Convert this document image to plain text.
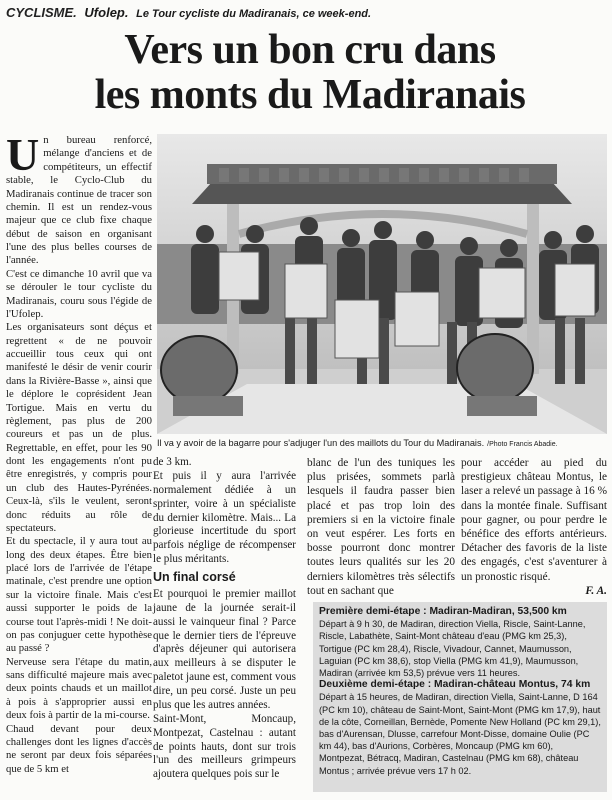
CYCLISME. Ufolep. Le Tour cycliste du Madiranais, ce week-end.
Vers un bon cru dans
les monts du Madiranais

Un bureau renforcé, mélange d'anciens et de compétiteurs, un effectif stable, le Cyclo-Club du Madiranais continue de tracer son chemin. Il est un rendez-vous majeur que ce club fixe chaque début de saison en organisant l'une des plus belles courses de l'année.

C'est ce dimanche 10 avril que va se dérouler le tour cycliste du Madiranais, couru sous l'égide de l'Ufolep.

Les organisateurs sont déçus et regrettent « de ne pouvoir accueillir tous ceux qui ont manifesté le désir de venir courir dans la Rivière-Basse », ainsi que le déplore le coprésident Jean Tortigue. Mais en vertu du règlement, pas plus de 200 coureurs et pas un de plus. Regrettable, en effet, pour les 90 dont les engagements n'ont pu être enregistrés, y compris pour un club des Hautes-Pyrénées. Ceux-là, s'ils le veulent, seront donc réduits au rôle de spectateurs.

Il va y avoir de la bagarre pour s'adjuger l'un des maillots du Tour du Madiranais. /Photo Francis Abadie.

Et du spectacle, il y aura tout au long des deux étapes. Être bien placé lors de l'arrivée de l'étape matinale, c'est prendre une option sur la victoire finale. Mais c'est aussi supporter le poids de la course tout l'après-midi ! Ne doit-on pas conjuguer cette hypothèse au passé ?

Nerveuse sera l'étape du matin, sans difficulté majeure mais avec deux points chauds et un maillot à pois à s'approprier aussi en deux fois à partir de la mi-course.

Chaud devant pour deux challenges dont les lignes d'accès ne seront par deux fois séparées que de 5 km et

de 3 km.

Et puis il y aura l'arrivée normalement dédiée à un sprinter, voire à un spécialiste du dernier kilomètre. Mais... La glorieuse incertitude du sport parfois néglige de récompenser le plus méritants.

Un final corsé

Et pourquoi le premier maillot jaune de la journée serait-il aussi le vainqueur final ? Parce que le dernier tiers de l'épreuve d'après déjeuner qui autorisera aux meilleurs à se disputer le paletot jaune est, comment vous dire, un peu corsé. Juste un peu plus que les autres années.

Saint-Mont, Moncaup, Montpezat, Castelnau : autant de points hauts, dont sur trois l'un des meilleurs grimpeurs ajoutera quelques pois sur le

blanc de l'un des tuniques les plus prisées, sommets parlà lesquels il faudra passer bien placé et pas trop loin des premiers si en la victoire finale on veut espérer. Les forts en bosse pourront donc montrer toutes leurs qualités sur les 20 derniers kilomètres très sélectifs tout en sachant que

pour accéder au pied du prestigieux château Montus, le laser a relevé un passage à 16 % dans la montée finale. Suffisant pour gagner, ou pour perdre le bénéfice des efforts antérieurs. Détacher des favoris de la liste des engagés, c'est s'aventurer à un pronostic risqué.

F. A.

Première demi-étape : Madiran-Madiran, 53,500 km
Départ à 9 h 30, de Madiran, direction Viella, Riscle, Saint-Lanne, Riscle, Labathète, Saint-Mont château d'eau (PMG km 25,3), Tortigue (PC km 28,4), Riscle, Vivadour, Cannet, Maumusson, Laguian (PC km 38,6), stop Viella (PMG km 41,9), Maumusson, Madiran (arrivée km 53,5) prévue vers 11 heures.
Deuxième demi-étape : Madiran-château Montus, 74 km
Départ à 15 heures, de Madiran, direction Viella, Saint-Lanne, D 164 (PC km 10), château de Saint-Mont, Saint-Mont (PMG km 17,9), haut de la côte, Corneillan, Bernède, Pomente New Holland (PC km 29,1), bas d'Aurensan, Dlusse, carrefour Mont-Disse, domaine Oulie (PC km 44), bas d'Aurions, Corbères, Moncaup (PMG km 60), Montpezat, Bétracq, Madiran, Castelnau (PMG km 68), château Montus ; arrivée prévue vers 17 h 02.
